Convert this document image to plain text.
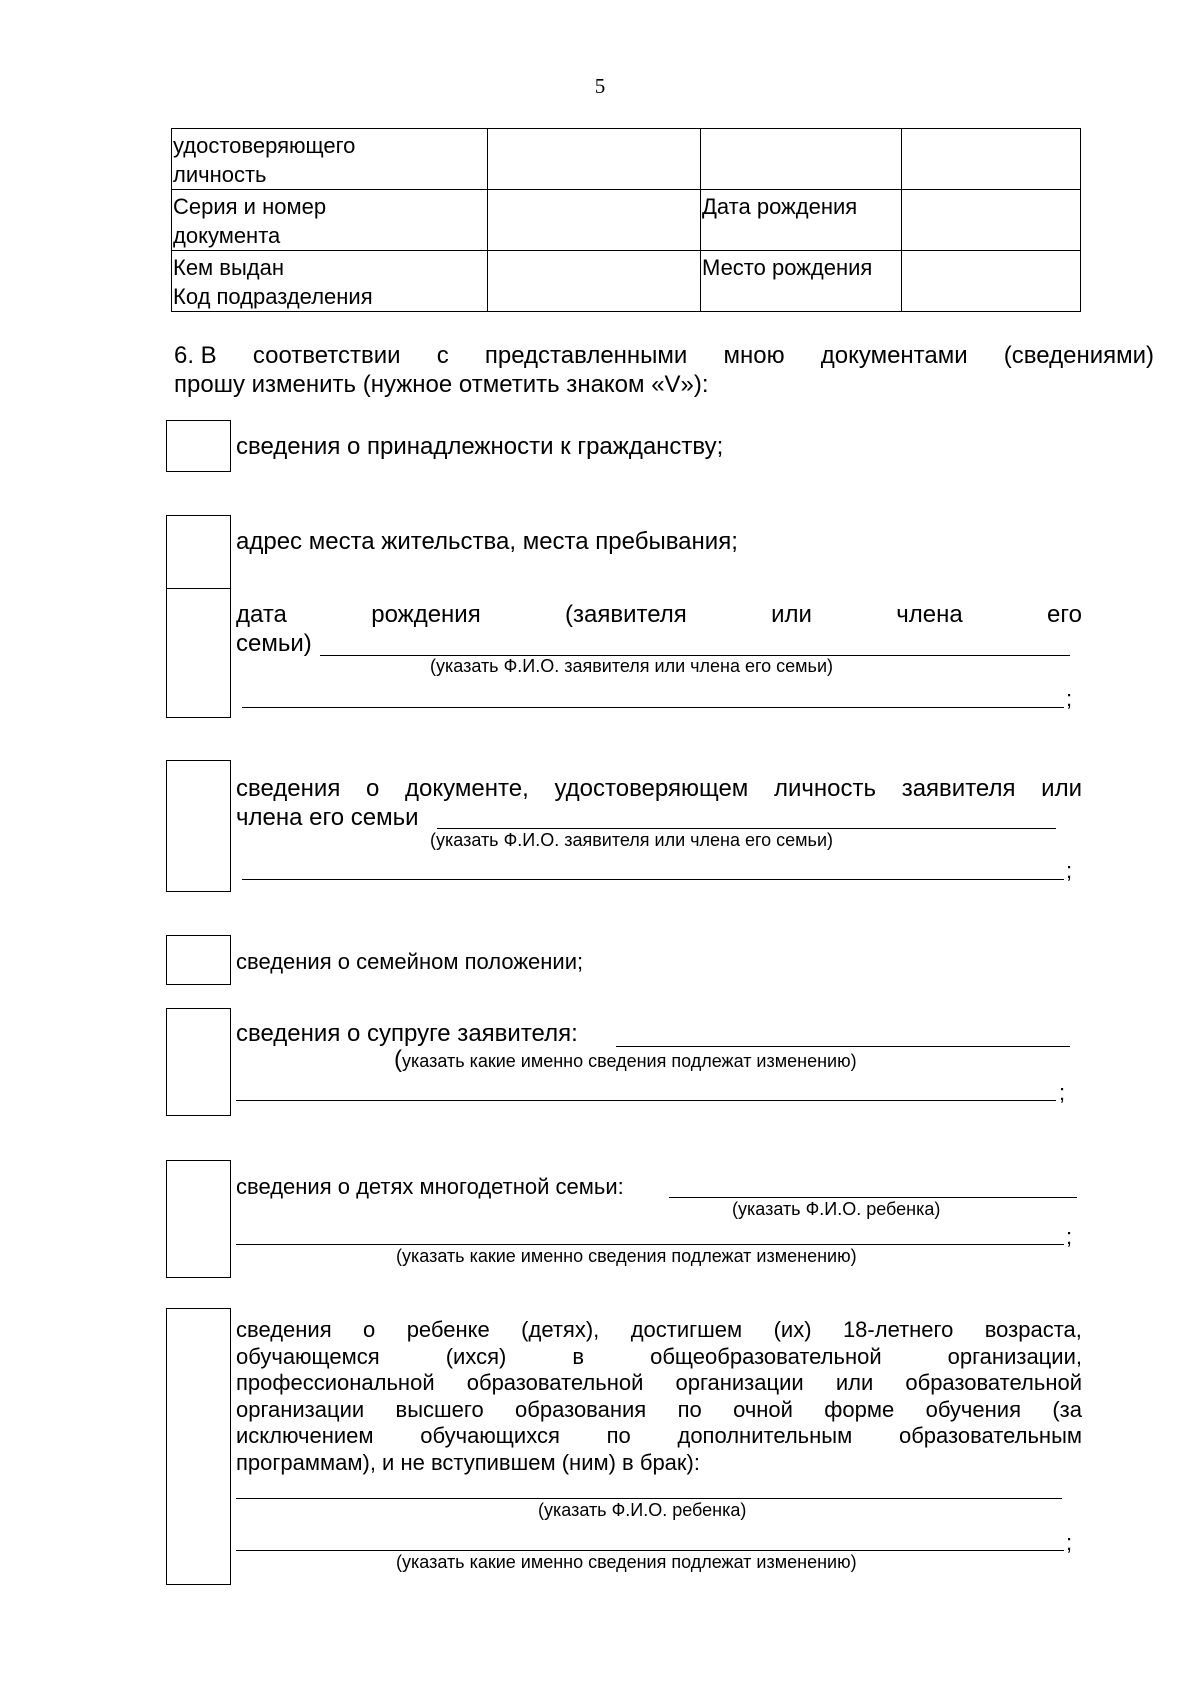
5
удостоверяющего
личность			
Серия и номер
документа		Дата рождения	
Кем выдан
Код подразделения		Место рождения	
6. В соответствии с представленными мною документами (сведениями)
прошу изменить (нужное отметить знаком «V»):
сведения о принадлежности к гражданству;
адрес места жительства, места пребывания;
дата	рождения	(заявителя	или	члена	его
семьи)
(указать Ф.И.О. заявителя или члена его семьи)
;
сведения о документе, удостоверяющем личность заявителя или
члена его семьи
(указать Ф.И.О. заявителя или члена его семьи)
;
сведения о семейном положении;
сведения о супруге заявителя:
(указать какие именно сведения подлежат изменению)
;
сведения о детях многодетной семьи:
(указать Ф.И.О. ребенка)
;
(указать какие именно сведения подлежат изменению)
сведения о ребенке (детях), достигшем (их) 18-летнего возраста,
обучающемся	(ихся)	в	общеобразовательной	организации,
профессиональной образовательной организации или образовательной
организации высшего образования по очной форме обучения (за
исключением обучающихся по дополнительным образовательным
программам), и не вступившем (ним) в брак):
(указать Ф.И.О. ребенка)
;
(указать какие именно сведения подлежат изменению)
